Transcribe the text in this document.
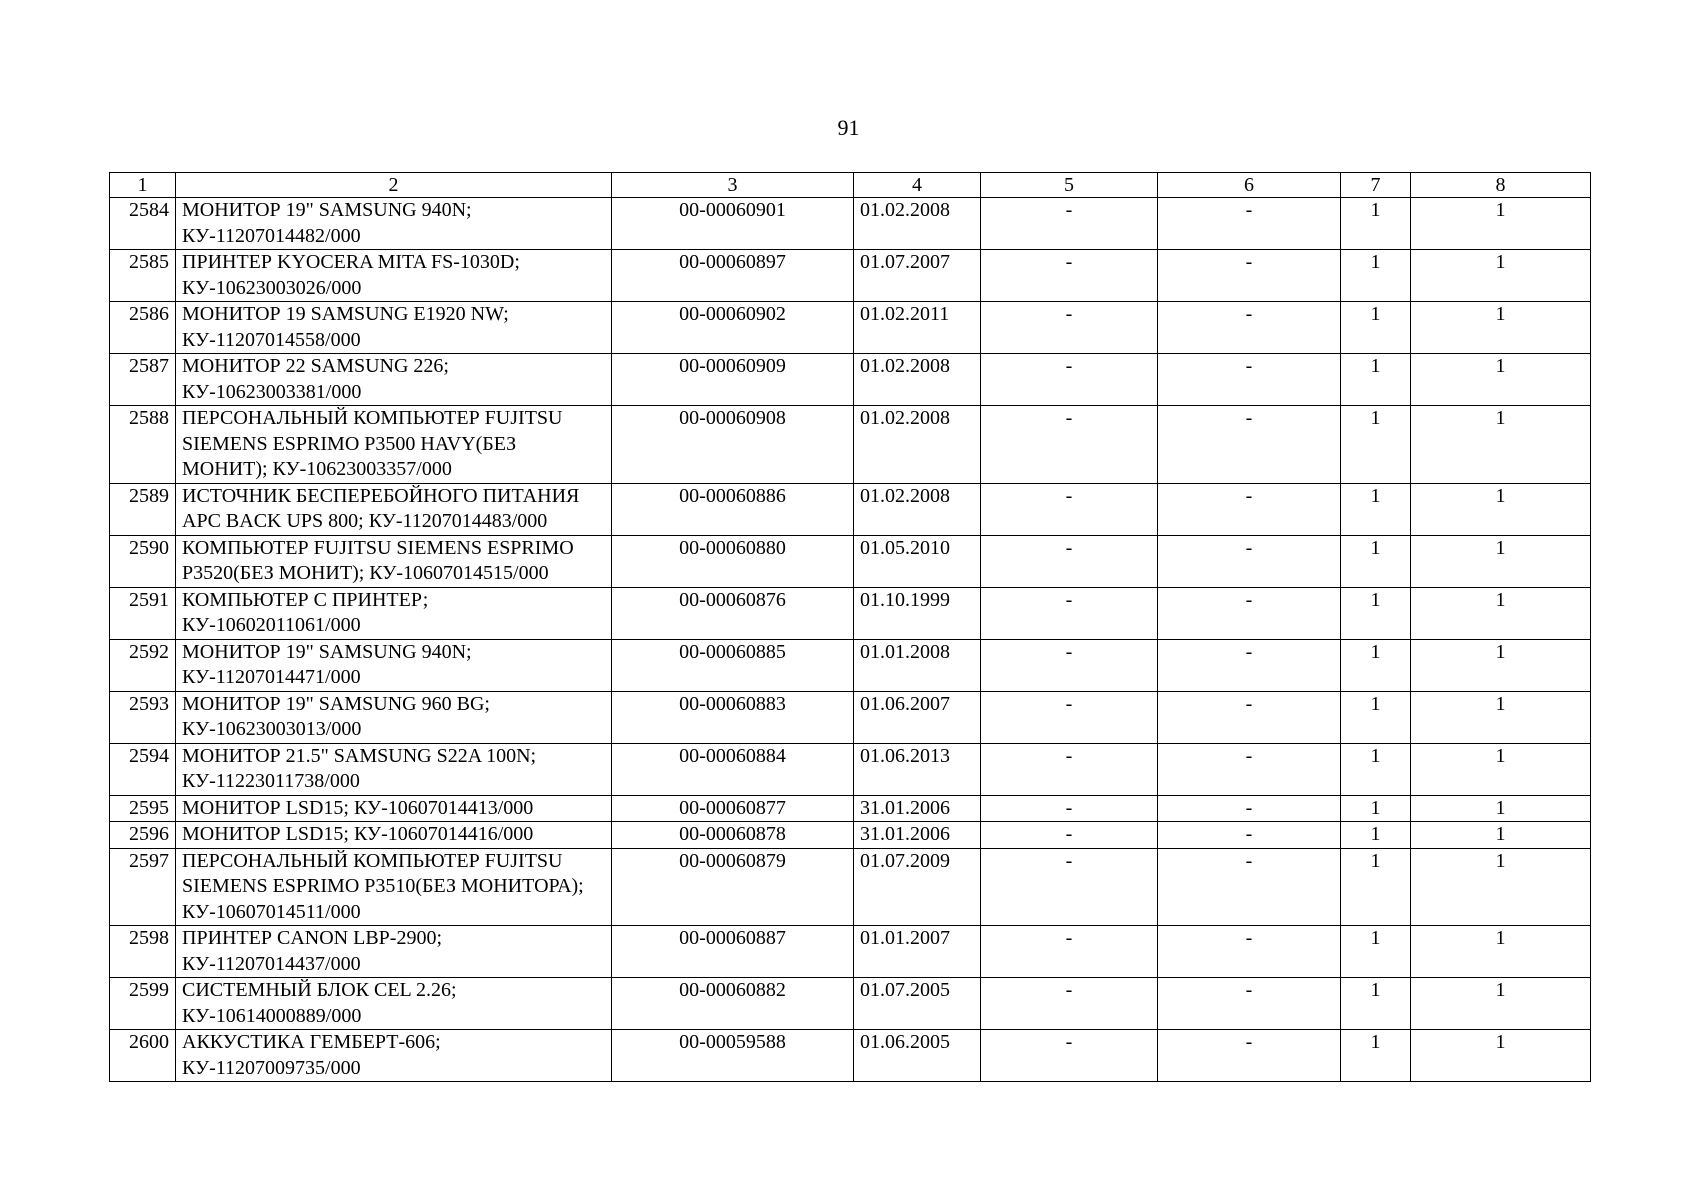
91
1	2	3	4	5	6	7	8
2584	МОНИТОР 19" SAMSUNG 940N; КУ-11207014482/000	00-00060901	01.02.2008	-	-	1	1
2585	ПРИНТЕР KYOCERA MITA FS-1030D; КУ-10623003026/000	00-00060897	01.07.2007	-	-	1	1
2586	МОНИТОР 19 SAMSUNG E1920 NW; КУ-11207014558/000	00-00060902	01.02.2011	-	-	1	1
2587	МОНИТОР 22 SAMSUNG 226; КУ-10623003381/000	00-00060909	01.02.2008	-	-	1	1
2588	ПЕРСОНАЛЬНЫЙ КОМПЬЮТЕР FUJITSU SIEMENS ESPRIMO P3500 HAVY(БЕЗ МОНИТ); КУ-10623003357/000	00-00060908	01.02.2008	-	-	1	1
2589	ИСТОЧНИК БЕСПЕРЕБОЙНОГО ПИТАНИЯ APC BACK UPS 800; КУ-11207014483/000	00-00060886	01.02.2008	-	-	1	1
2590	КОМПЬЮТЕР FUJITSU SIEMENS ESPRIMO P3520(БЕЗ МОНИТ); КУ-10607014515/000	00-00060880	01.05.2010	-	-	1	1
2591	КОМПЬЮТЕР С ПРИНТЕР; КУ-10602011061/000	00-00060876	01.10.1999	-	-	1	1
2592	МОНИТОР 19" SAMSUNG 940N; КУ-11207014471/000	00-00060885	01.01.2008	-	-	1	1
2593	МОНИТОР 19" SAMSUNG 960 BG; КУ-10623003013/000	00-00060883	01.06.2007	-	-	1	1
2594	МОНИТОР 21.5" SAMSUNG S22A 100N; КУ-11223011738/000	00-00060884	01.06.2013	-	-	1	1
2595	МОНИТОР LSD15; КУ-10607014413/000	00-00060877	31.01.2006	-	-	1	1
2596	МОНИТОР LSD15; КУ-10607014416/000	00-00060878	31.01.2006	-	-	1	1
2597	ПЕРСОНАЛЬНЫЙ КОМПЬЮТЕР FUJITSU SIEMENS ESPRIMO P3510(БЕЗ МОНИТОРА); КУ-10607014511/000	00-00060879	01.07.2009	-	-	1	1
2598	ПРИНТЕР CANON LBP-2900; КУ-11207014437/000	00-00060887	01.01.2007	-	-	1	1
2599	СИСТЕМНЫЙ БЛОК CEL 2.26; КУ-10614000889/000	00-00060882	01.07.2005	-	-	1	1
2600	АККУСТИКА ГЕМБЕРТ-606; КУ-11207009735/000	00-00059588	01.06.2005	-	-	1	1
